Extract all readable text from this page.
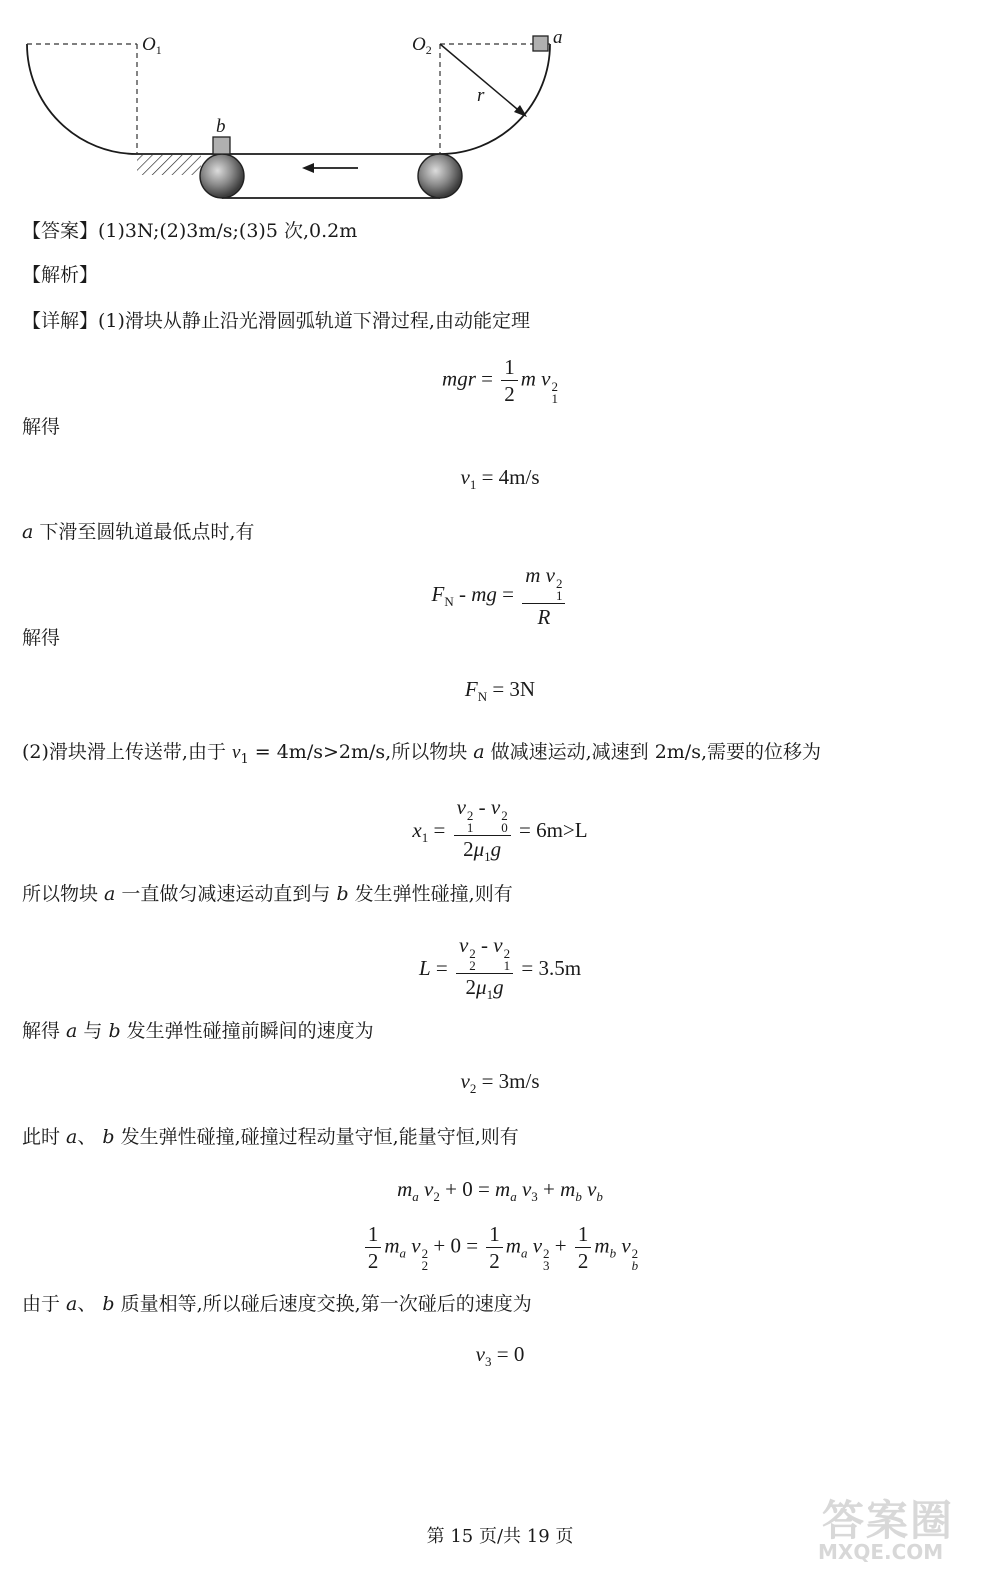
$O_1$	$O_2$
a
b
r
【答案】(1)3N;(2)3m/s;(3)5 次,0.2m
【解析】
【详解】(1)滑块从静止沿光滑圆弧轨道下滑过程,由动能定理
mgr = $\frac{1}{2}$ m v 2
1
解得
$v_1 = 4m/s$
a 下滑至圆轨道最低点时,有
$F_N$ - mg = m v 2
1
R
解得
$F_N = 3N$
(2)滑块滑上传送带,由于 $v_1 = 4m/s>2m/s$,所以物块 a 做减速运动,减速到 2m/s,需要的位移为
$x_1 = v$ 2
1
- v 2
0
$2\mu_1g = 6m>L$
所以物块 a 一直做匀减速运动直到与 b 发生弹性碰撞,则有
L = v 2
2
- v 2
1
$2\mu_1g = 3.5m$
解得 a 与 b 发生弹性碰撞前瞬间的速度为
$v_2 = 3m/s$
此时 a、 b 发生弹性碰撞,碰撞过程动量守恒,能量守恒,则有
$m_a$ $v_2 + 0 = m_a$ $v_3 + m_b$ $v_b$
$\frac{1}{2} m_a$ v 2
2
+ $0 = \frac{1}{2} m_a$ v 2
3
+ $\frac{1}{2} m_b$ v 2
b
由于 a、 b 质量相等,所以碰后速度交换,第一次碰后的速度为
$v_3 = 0$
第 15 页/共 19 页	答案圈
MXQE.COM
